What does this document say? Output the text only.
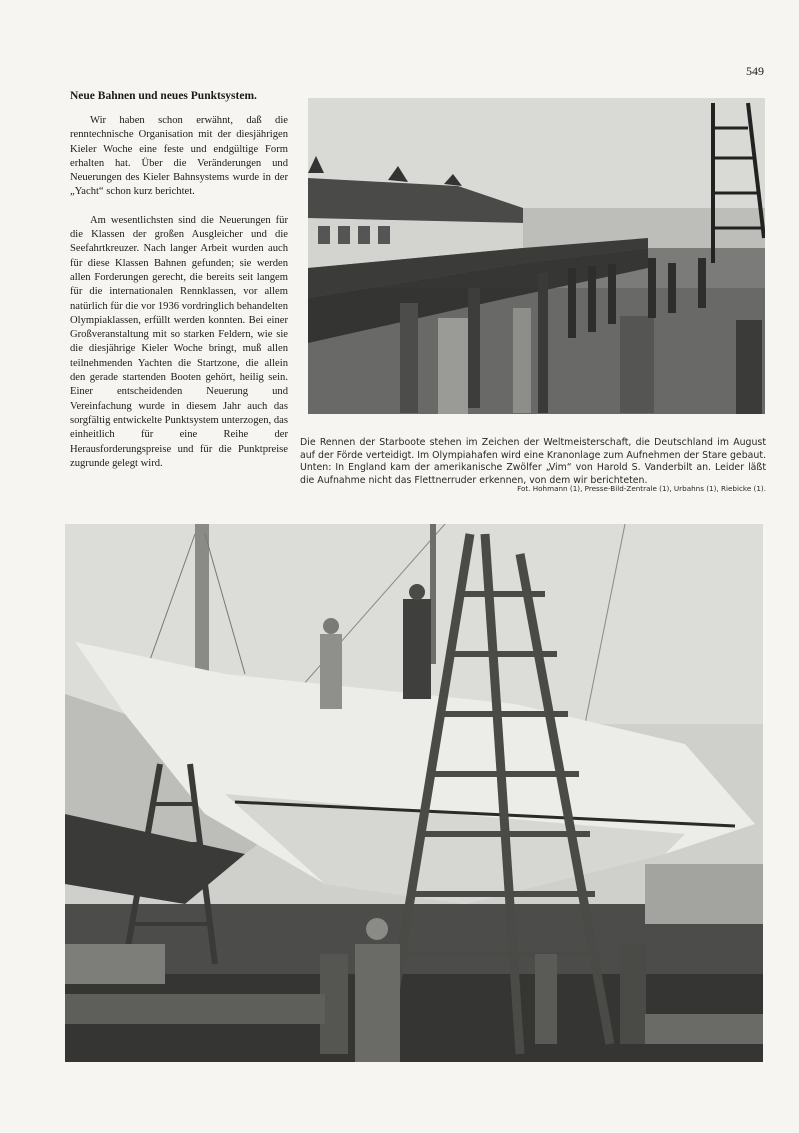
549
Neue Bahnen und neues Punktsystem.

Wir haben schon erwähnt, daß die renntechnische Organisation mit der diesjährigen Kieler Woche eine feste und endgültige Form erhalten hat. Über die Veränderungen und Neuerungen des Kieler Bahnsystems wurde in der „Yacht“ schon kurz berichtet.

Am wesentlichsten sind die Neuerungen für die Klassen der großen Ausgleicher und die Seefahrtkreuzer. Nach langer Arbeit wurden auch für diese Klassen Bahnen gefunden; sie werden allen Forderungen gerecht, die bereits seit langem für die internationalen Rennklassen, vor allem natürlich für die vor 1936 vordringlich behandelten Olympiaklassen, erfüllt werden konnten. Bei einer Großveranstaltung mit so starken Feldern, wie sie die diesjährige Kieler Woche bringt, muß allen teilnehmenden Yachten die Startzone, die allein den gerade startenden Booten gehört, heilig sein. Einer entscheidenden Neuerung und Vereinfachung wurde in diesem Jahr auch das sorgfältig entwickelte Punktsystem unterzogen, das einheitlich für eine Reihe der Herausforderungspreise und für die Punktpreise zugrunde gelegt wird.

Die Rennen der Starboote stehen im Zeichen der Weltmeisterschaft, die Deutschland im August auf der Förde verteidigt. Im Olympiahafen wird eine Kranonlage zum Aufnehmen der Stare gebaut. Unten: In England kam der amerikanische Zwölfer „Vim“ von Harold S. Vanderbilt an. Leider läßt die Aufnahme nicht das Flettnerruder erkennen, von dem wir berichteten.
Fot. Hohmann (1), Presse-Bild-Zentrale (1), Urbahns (1), Riebicke (1).
